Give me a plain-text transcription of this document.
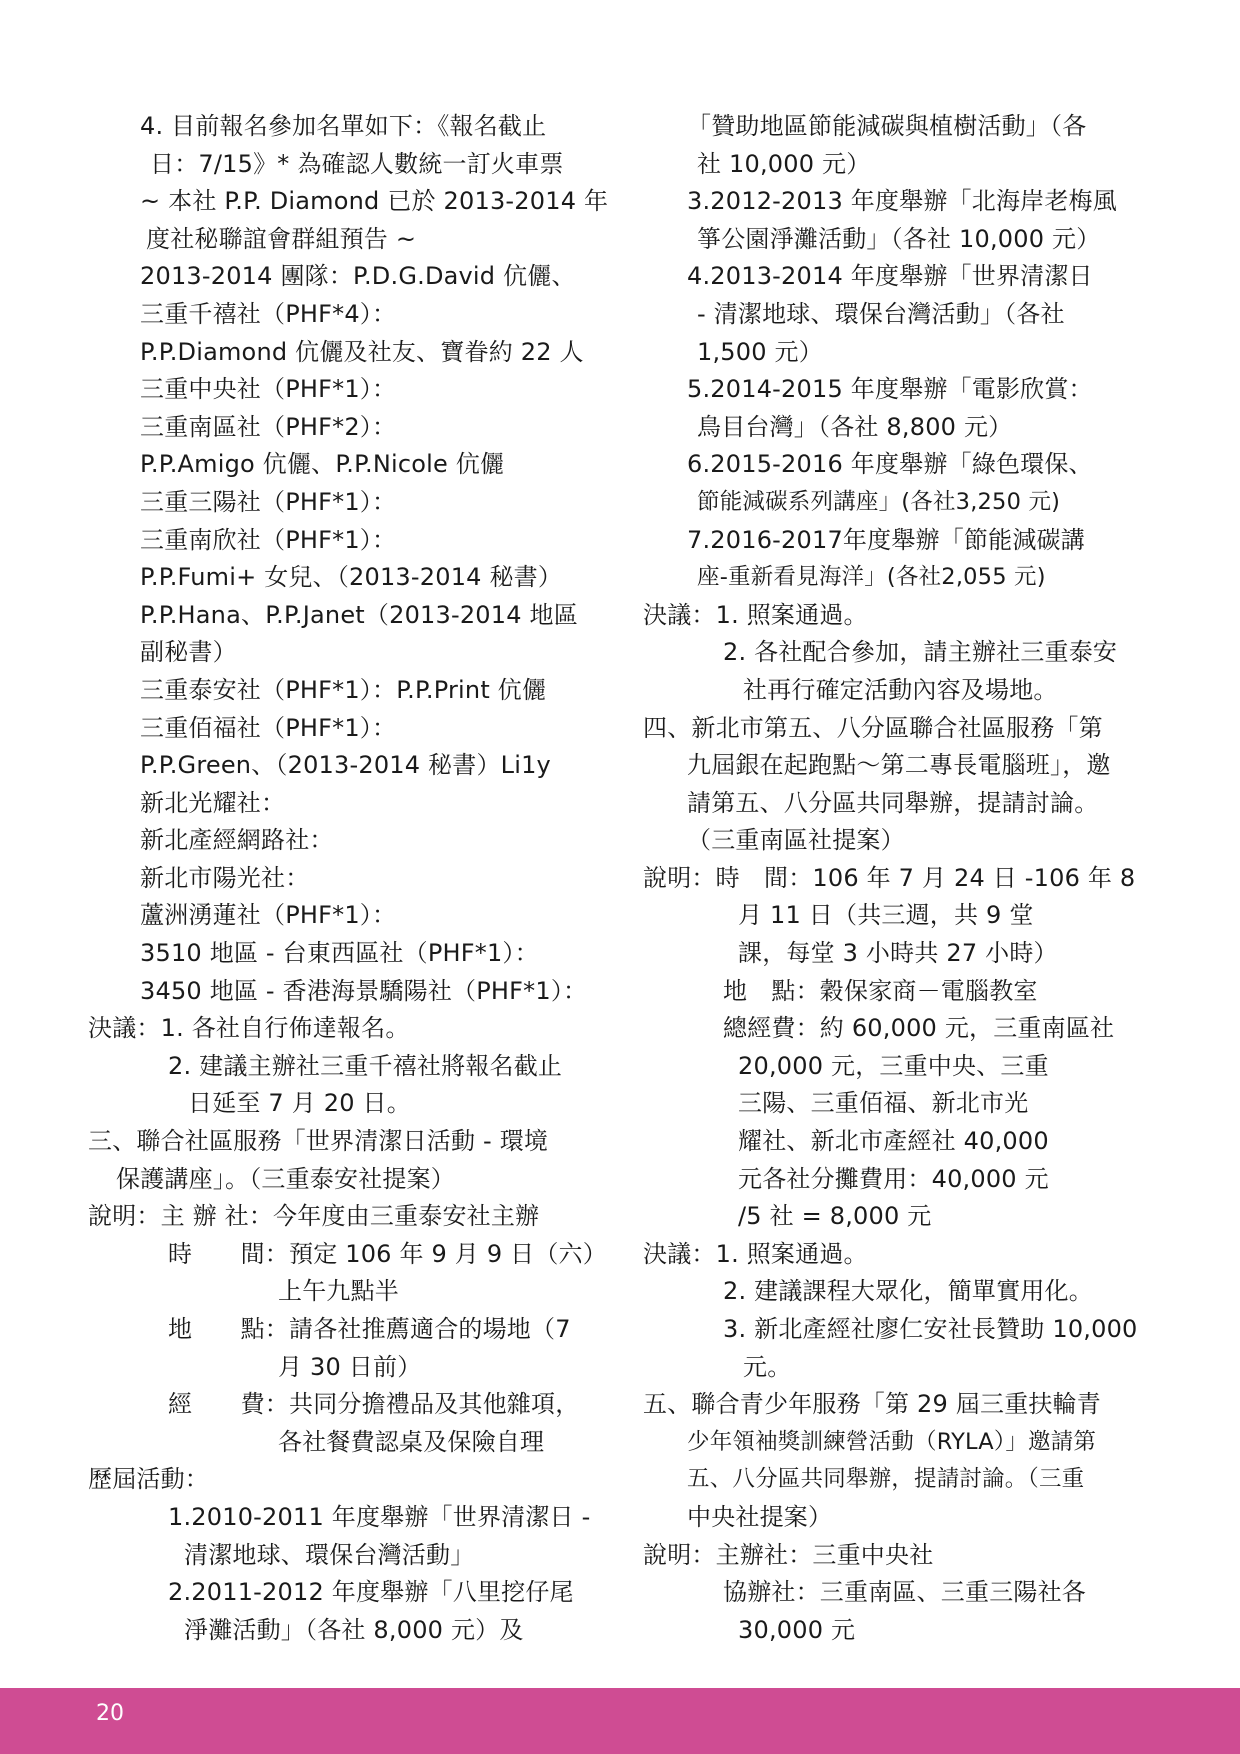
4. 目前報名參加名單如下：《報名截止
日：7/15》* 為確認人數統一訂火車票
~ 本社 P.P. Diamond 已於 2013-2014 年
度社秘聯誼會群組預告 ~
2013-2014 團隊：P.D.G.David 伉儷、
三重千禧社（PHF*4）：
P.P.Diamond 伉儷及社友、寶眷約 22 人
三重中央社（PHF*1）：
三重南區社（PHF*2）：
P.P.Amigo 伉儷、P.P.Nicole 伉儷
三重三陽社（PHF*1）：
三重南欣社（PHF*1）：
P.P.Fumi+ 女兒、（2013-2014 秘書）
P.P.Hana、P.P.Janet（2013-2014 地區
副秘書）
三重泰安社（PHF*1）：P.P.Print 伉儷
三重佰福社（PHF*1）：
P.P.Green、（2013-2014 秘書）Li1y
新北光耀社：
新北產經網路社：
新北市陽光社：
蘆洲湧蓮社（PHF*1）：
3510 地區 - 台東西區社（PHF*1）：
3450 地區 - 香港海景驕陽社（PHF*1）：
決議：1. 各社自行佈達報名。
2. 建議主辦社三重千禧社將報名截止
日延至 7 月 20 日。
三、聯合社區服務「世界清潔日活動 - 環境
保護講座」。（三重泰安社提案）
說明：主 辦 社：今年度由三重泰安社主辦
時　　間：預定 106 年 9 月 9 日（六）
上午九點半
地　　點：請各社推薦適合的場地（7
月 30 日前）
經　　費：共同分擔禮品及其他雜項，
各社餐費認桌及保險自理
歷屆活動：
1.2010-2011 年度舉辦「世界清潔日 -
清潔地球、環保台灣活動」
2.2011-2012 年度舉辦「八里挖仔尾
淨灘活動」（各社 8,000 元）及
「贊助地區節能減碳與植樹活動」（各
社 10,000 元）
3.2012-2013 年度舉辦「北海岸老梅風
箏公園淨灘活動」（各社 10,000 元）
4.2013-2014 年度舉辦「世界清潔日
- 清潔地球、環保台灣活動」（各社
1,500 元）
5.2014-2015 年度舉辦「電影欣賞：
鳥目台灣」（各社 8,800 元）
6.2015-2016 年度舉辦「綠色環保、
節能減碳系列講座」(各社3,250 元)
7.2016-2017年度舉辦「節能減碳講
座-重新看見海洋」(各社2,055 元)
決議：1. 照案通過。
2. 各社配合參加，請主辦社三重泰安
社再行確定活動內容及場地。
四、新北市第五、八分區聯合社區服務「第
九屆銀在起跑點～第二專長電腦班」，邀
請第五、八分區共同舉辦，提請討論。
（三重南區社提案）
說明：時　間：106 年 7 月 24 日 -106 年 8
月 11 日（共三週，共 9 堂
課，每堂 3 小時共 27 小時）
地　點：穀保家商－電腦教室
總經費：約 60,000 元，三重南區社
20,000 元，三重中央、三重
三陽、三重佰福、新北市光
耀社、新北市產經社 40,000
元各社分攤費用：40,000 元
/5 社 = 8,000 元
決議：1. 照案通過。
2. 建議課程大眾化，簡單實用化。
3. 新北產經社廖仁安社長贊助 10,000
元。
五、聯合青少年服務「第 29 屆三重扶輪青
少年領袖獎訓練營活動（RYLA）」邀請第
五、八分區共同舉辦，提請討論。（三重
中央社提案）
說明：主辦社：三重中央社
協辦社：三重南區、三重三陽社各
30,000 元
20
